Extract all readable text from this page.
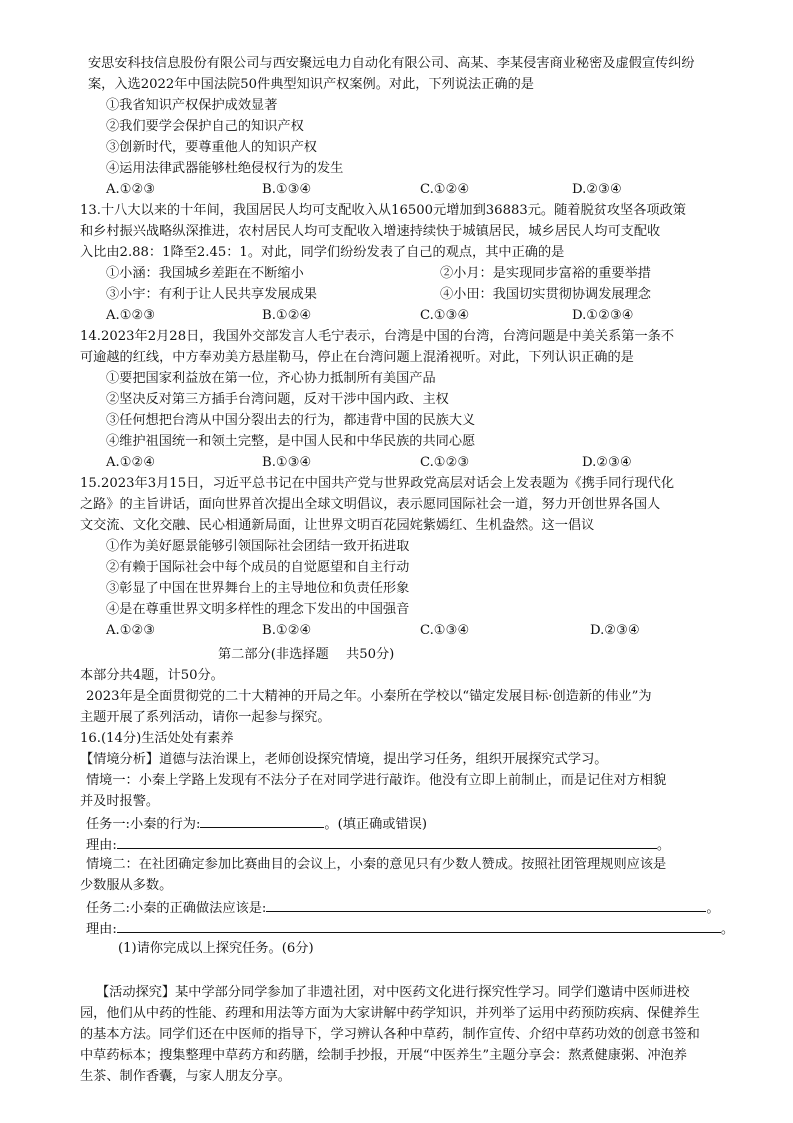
安思安科技信息股份有限公司与西安聚远电力自动化有限公司、高某、李某侵害商业秘密及虚假宣传纠纷
案，入选2022年中国法院50件典型知识产权案例。对此，下列说法正确的是
①我省知识产权保护成效显著
②我们要学会保护自己的知识产权
③创新时代，要尊重他人的知识产权
④运用法律武器能够杜绝侵权行为的发生
A.①②③	B.①③④	C.①②④	D.②③④
13.十八大以来的十年间，我国居民人均可支配收入从16500元增加到36883元。随着脱贫攻坚各项政策
和乡村振兴战略纵深推进，农村居民人均可支配收入增速持续快于城镇居民，城乡居民人均可支配收
入比由2.88：1降至2.45：1。对此，同学们纷纷发表了自己的观点，其中正确的是
①小涵：我国城乡差距在不断缩小	②小月：是实现同步富裕的重要举措
③小宇：有利于让人民共享发展成果	④小田：我国切实贯彻协调发展理念
A.①②③	B.①②④	C.①③④	D.①②③④
14.2023年2月28日，我国外交部发言人毛宁表示，台湾是中国的台湾，台湾问题是中美关系第一条不
可逾越的红线，中方奉劝美方悬崖勒马，停止在台湾问题上混淆视听。对此，下列认识正确的是
①要把国家利益放在第一位，齐心协力抵制所有美国产品
②坚决反对第三方插手台湾问题，反对干涉中国内政、主权
③任何想把台湾从中国分裂出去的行为，都违背中国的民族大义
④维护祖国统一和领土完整，是中国人民和中华民族的共同心愿
A.①②④	B.①③④	C.①②③	D.②③④
15.2023年3月15日，习近平总书记在中国共产党与世界政党高层对话会上发表题为《携手同行现代化
之路》的主旨讲话，面向世界首次提出全球文明倡议，表示愿同国际社会一道，努力开创世界各国人
文交流、文化交融、民心相通新局面，让世界文明百花园姹紫嫣红、生机盎然。这一倡议
①作为美好愿景能够引领国际社会团结一致开拓进取
②有赖于国际社会中每个成员的自觉愿望和自主行动
③彰显了中国在世界舞台上的主导地位和负责任形象
④是在尊重世界文明多样性的理念下发出的中国强音
A.①②③	B.①②④	C.①③④	D.②③④
第二部分(非选择题　 共50分)
本部分共4题，计50分。
2023年是全面贯彻党的二十大精神的开局之年。小秦所在学校以“锚定发展目标·创造新的伟业”为
主题开展了系列活动，请你一起参与探究。
16.(14分)生活处处有素养
【情境分析】道德与法治课上，老师创设探究情境，提出学习任务，组织开展探究式学习。
情境一：小秦上学路上发现有不法分子在对同学进行敲诈。他没有立即上前制止，而是记住对方相貌
并及时报警。
任务一:小秦的行为:	。(填正确或错误)
理由:	。
情境二：在社团确定参加比赛曲目的会议上，小秦的意见只有少数人赞成。按照社团管理规则应该是
少数服从多数。
任务二:小秦的正确做法应该是:	。
理由:	。
(1)请你完成以上探究任务。(6分)
【活动探究】某中学部分同学参加了非遗社团，对中医药文化进行探究性学习。同学们邀请中医师进校
园，他们从中药的性能、药理和用法等方面为大家讲解中药学知识，并列举了运用中药预防疾病、保健养生
的基本方法。同学们还在中医师的指导下，学习辨认各种中草药，制作宣传、介绍中草药功效的创意书签和
中草药标本；搜集整理中草药方和药膳，绘制手抄报，开展“中医养生”主题分享会：熬煮健康粥、冲泡养
生茶、制作香囊，与家人朋友分享。
